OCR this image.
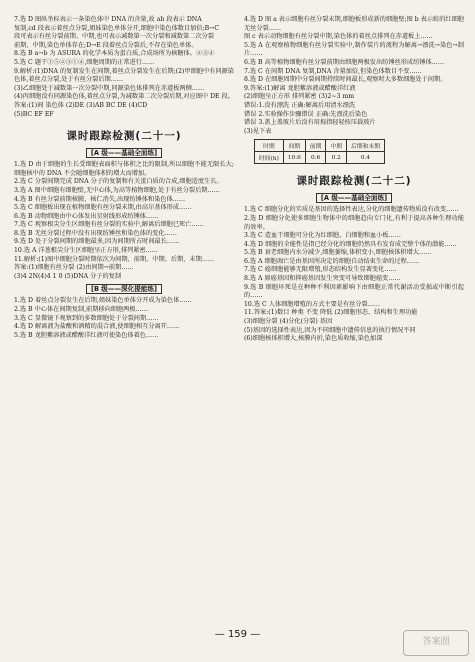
7.选 D 图纵坐标表示一条染色体中 DNA 的含量,故 ab 段表示 DNA

复制,cd 段表示着丝点分裂,姐妹染色单体分开,细胞中染色体数目加倍;B→C

段可表示有丝分裂前期、中期,也可表示减数第一次分裂和减数第二次分裂

前期、中期,染色单体存在;D→E 段着丝点分裂后,不存在染色单体。

8.选 B a→b 为 ASURA 的化学本质为蛋白质,合成场所为核糖体。②③④

5.选 C 题干①⑤②③①④,细胞周期的正常进行……

9.解析:(1)DNA 的复制发生在间期,着丝点分裂发生在后期;(2)甲细胞中有同源染色体,着丝点分裂,处于有丝分裂后期……

(3)乙细胞处于减数第一次分裂中期,同源染色体排列在赤道板两侧……

(4)丙细胞没有同源染色体,着丝点分裂,为减数第二次分裂后期,对应图中 DE 段。

答案:(1)间 染色体 (2)DE (3)AB BC DE (4)CD

(5)BC EF EF

课时跟踪检测(二十一)
[A 级——基础全面练]

1.选 D 由于细胞的生长受细胞表面积与体积之比的限制,所以细胞不能无限长大;细胞核中的 DNA 不会随细胞体积的增大而增加。

2.选 C 分裂间期完成 DNA 分子的复制和有关蛋白质的合成,细胞适度生长。

3.选 A 图中细胞有细胞壁,无中心体,为高等植物细胞,处于有丝分裂后期……

4.选 B 有丝分裂前期核膜、核仁消失,出现纺锤体和染色体……

5.选 C 细胞板出现在植物细胞有丝分裂末期,由高尔基体形成……

6.选 B 动物细胞由中心体发出星射线形成纺锤体……

7.选 C 观察根尖分生区细胞有丝分裂的实验中,解离后细胞已死亡……

8.选 B 无丝分裂过程中没有出现纺锤丝和染色体的变化……

9.选 D 处于分裂间期的细胞最多,因为间期所占时间最长……

10.选 A 洋葱根尖分生区细胞呈正方形,排列紧密……

11.解析:(1)图中细胞分裂时期依次为间期、前期、中期、后期、末期……

答案:(1)细胞有丝分裂 (2)由间期→前期……

(3)4 2N(4)4 1 0 (5)DNA 分子的复制

[B 级——深化提能练]

1.选 D 着丝点分裂发生在后期,姐妹染色单体分开成为染色体……

2.选 B 中心体在间期复制,前期移向细胞两极……

3.选 C 显微镜下观察到的多数细胞处于分裂间期……

4.选 D 解离液为盐酸和酒精的混合液,使细胞相互分离开……

5.选 B 龙胆紫溶液或醋酸洋红液可使染色体着色……

4.选 D 图 a 表示细胞有丝分裂末期,细胞板形成新的细胞壁;图 b 表示蛙的红细胞无丝分裂……

图 c 表示动物细胞有丝分裂中期,染色体的着丝点排列在赤道板上……

5.选 A 在观察植物细胞有丝分裂实验中,制作装片的流程为解离→漂洗→染色→制片……

6.选 B 高等植物细胞有丝分裂前期由细胞两极发出纺锤丝形成纺锤体……

7.选 C 在间期 DNA 复制,DNA 含量加倍,但染色体数目不变……

8.选 D 在细胞周期中分裂间期持续时间最长,观察时大多数细胞处于间期。

9.答案:(1)解离 龙胆紫溶液或醋酸洋红液

(2)细胞呈正方形 排列紧密 (3)2~3 mm

错误:1.没有漂洗 正确:解离后用清水漂洗

错误 2.实验操作步骤错误 正确:先漂洗后染色

错误 3.盖上盖玻片后没有用拇指轻轻按压载玻片

(3)见下表

时期	间期	前期	中期	后期和末期
时间(h)	10.6	0.6	0.2	0.4
课时跟踪检测(二十二)
[A 级——基础全面练]

1.选 C 细胞分化的实质是基因的选择性表达,分化的细胞遗传物质没有改变……

2.选 D 细胞分化使多细胞生物体中的细胞趋向专门化,有利于提高各种生理功能的效率。

3.选 C 造血干细胞可分化为红细胞、白细胞和血小板……

4.选 D 细胞的全能性是指已经分化的细胞仍然具有发育成完整个体的潜能……

5.选 B 衰老细胞内水分减少,细胞萎缩,体积变小,细胞核体积增大……

6.选 A 细胞凋亡是由基因所决定的细胞自动结束生命的过程……

7.选 C 癌细胞能够无限增殖,形态结构发生显著变化……

8.选 A 原癌基因和抑癌基因发生突变可导致细胞癌变……

9.选 B 细胞坏死是在种种不利因素影响下由细胞正常代谢活动受损或中断引起的……

10.选 C 人体细胞增殖的方式主要是有丝分裂……

11.答案:(1)数目 种类 不变 降低 (2)细胞形态、结构和生理功能

(3)细胞分裂 (4)分化(分裂) 基因

(5)基因的选择性表达,因为不同细胞中遗传信息的执行情况不同

(6)细胞核体积增大,核膜内折,染色质收缩,染色加深

— 159 —
答案圈
